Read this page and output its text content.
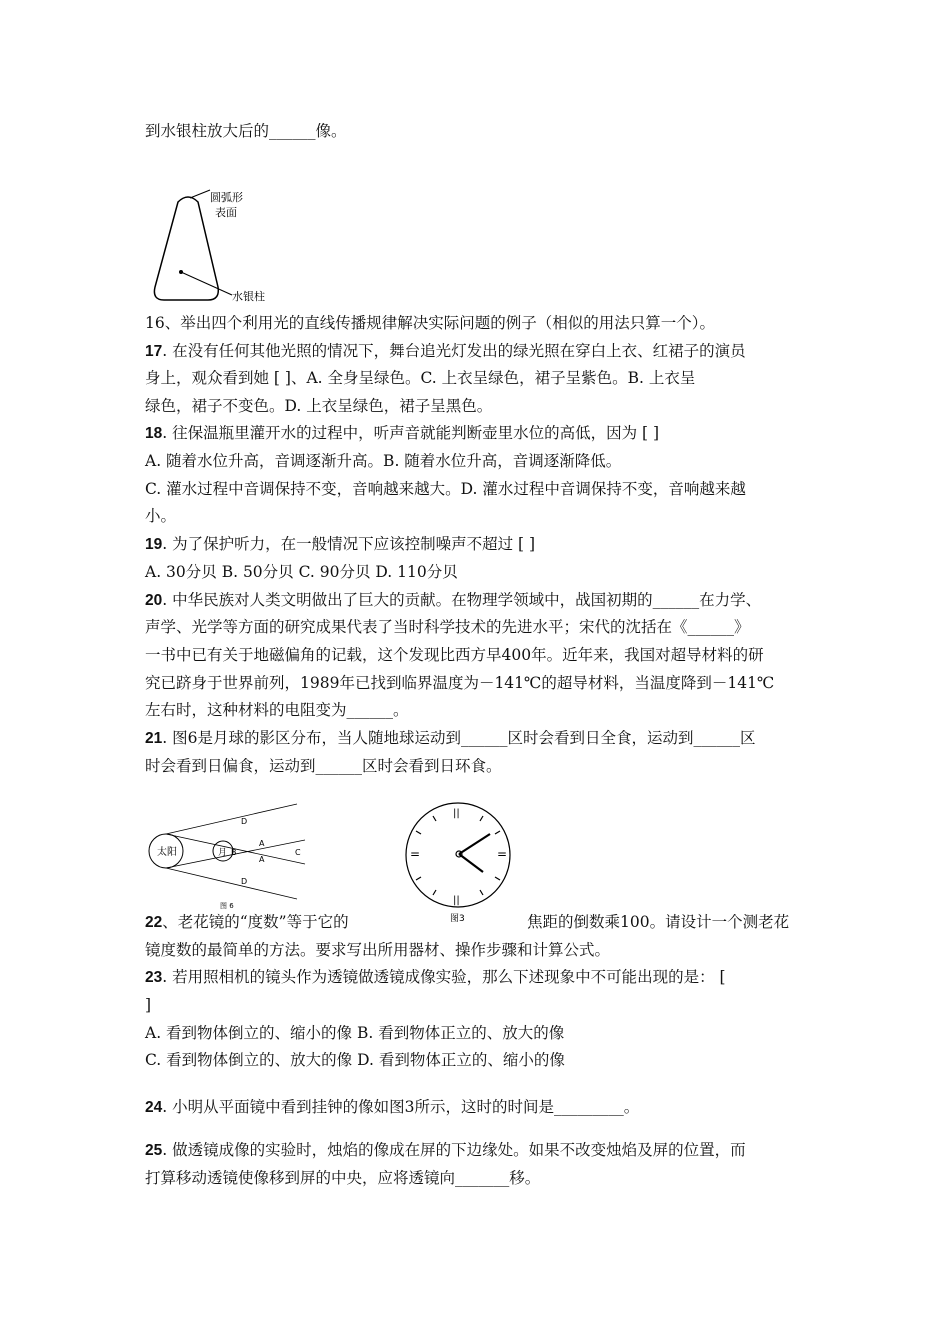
到水银柱放大后的______像。
圆弧形
表面
水银柱
16、举出四个利用光的直线传播规律解决实际问题的例子（相似的用法只算一个）。
17. 在没有任何其他光照的情况下，舞台追光灯发出的绿光照在穿白上衣、红裙子的演员
身上，观众看到她 [ ]、A. 全身呈绿色。C. 上衣呈绿色，裙子呈紫色。B. 上衣呈
绿色，裙子不变色。D. 上衣呈绿色，裙子呈黑色。
18. 往保温瓶里灌开水的过程中，听声音就能判断壶里水位的高低，因为 [ ]
A. 随着水位升高，音调逐渐升高。B. 随着水位升高，音调逐渐降低。
C. 灌水过程中音调保持不变，音响越来越大。D. 灌水过程中音调保持不变，音响越来越
小。
19. 为了保护听力，在一般情况下应该控制噪声不超过 [ ]
A. 30分贝 B. 50分贝 C. 90分贝 D. 110分贝
20. 中华民族对人类文明做出了巨大的贡献。在物理学领域中，战国初期的______在力学、
声学、光学等方面的研究成果代表了当时科学技术的先进水平；宋代的沈括在《______》
一书中已有关于地磁偏角的记载，这个发现比西方早400年。近年来，我国对超导材料的研
究已跻身于世界前列，1989年已找到临界温度为－141℃的超导材料，当温度降到－141℃
左右时，这种材料的电阻变为______。
21. 图6是月球的影区分布，当人随地球运动到______区时会看到日全食，运动到______区
时会看到日偏食，运动到______区时会看到日环食。
太阳	月 B
A
A
C
D
D
图 6
||
=
||
=
图3
22、老花镜的“度数”等于它的	焦距的倒数乘100。请设计一个测老花
镜度数的最简单的方法。要求写出所用器材、操作步骤和计算公式。
23. 若用照相机的镜头作为透镜做透镜成像实验，那么下述现象中不可能出现的是： [
]
A. 看到物体倒立的、缩小的像 B. 看到物体正立的、放大的像
C. 看到物体倒立的、放大的像 D. 看到物体正立的、缩小的像
24. 小明从平面镜中看到挂钟的像如图3所示，这时的时间是_________。
25. 做透镜成像的实验时，烛焰的像成在屏的下边缘处。如果不改变烛焰及屏的位置，而
打算移动透镜使像移到屏的中央，应将透镜向_______移。
